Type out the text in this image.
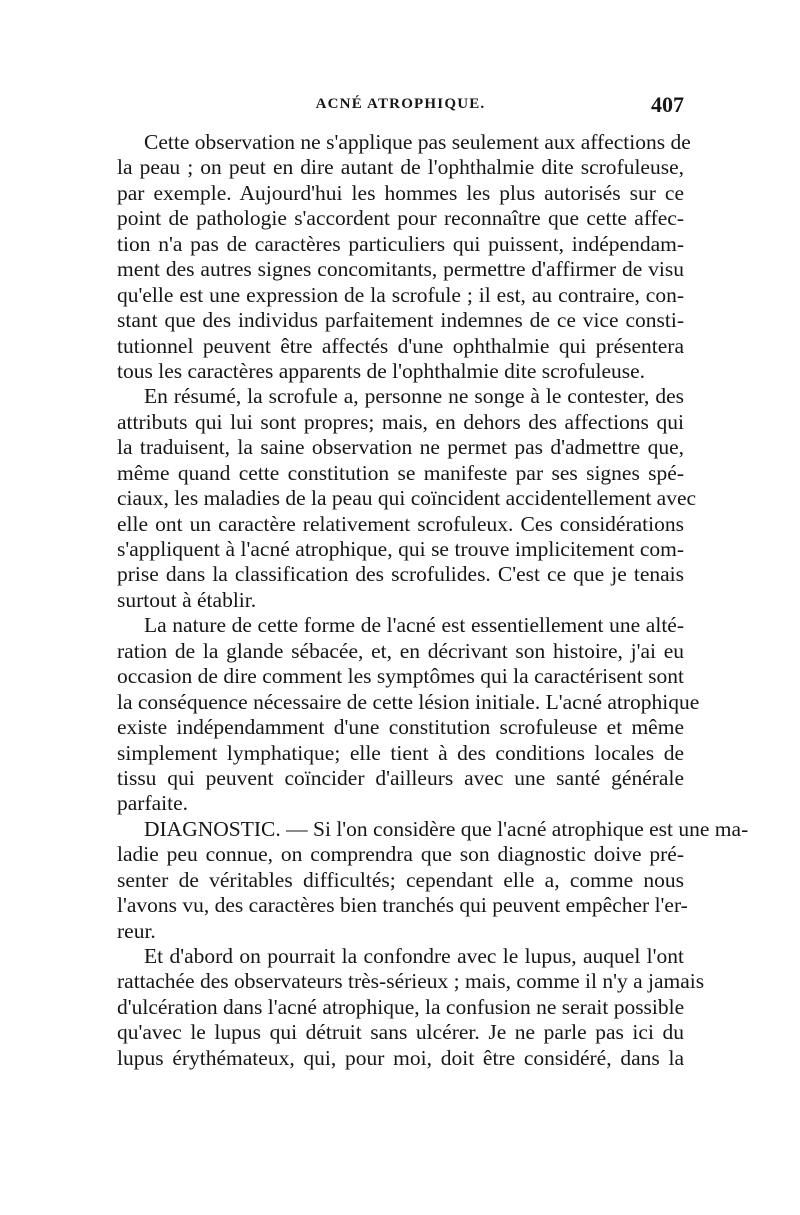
ACNÉ ATROPHIQUE.	407
Cette observation ne s'applique pas seulement aux affections de
la peau ; on peut en dire autant de l'ophthalmie dite scrofuleuse,
par exemple. Aujourd'hui les hommes les plus autorisés sur ce
point de pathologie s'accordent pour reconnaître que cette affec-
tion n'a pas de caractères particuliers qui puissent, indépendam-
ment des autres signes concomitants, permettre d'affirmer de visu
qu'elle est une expression de la scrofule ; il est, au contraire, con-
stant que des individus parfaitement indemnes de ce vice consti-
tutionnel peuvent être affectés d'une ophthalmie qui présentera
tous les caractères apparents de l'ophthalmie dite scrofuleuse.
En résumé, la scrofule a, personne ne songe à le contester, des
attributs qui lui sont propres; mais, en dehors des affections qui
la traduisent, la saine observation ne permet pas d'admettre que,
même quand cette constitution se manifeste par ses signes spé-
ciaux, les maladies de la peau qui coïncident accidentellement avec
elle ont un caractère relativement scrofuleux. Ces considérations
s'appliquent à l'acné atrophique, qui se trouve implicitement com-
prise dans la classification des scrofulides. C'est ce que je tenais
surtout à établir.
La nature de cette forme de l'acné est essentiellement une alté-
ration de la glande sébacée, et, en décrivant son histoire, j'ai eu
occasion de dire comment les symptômes qui la caractérisent sont
la conséquence nécessaire de cette lésion initiale. L'acné atrophique
existe indépendamment d'une constitution scrofuleuse et même
simplement lymphatique; elle tient à des conditions locales de
tissu qui peuvent coïncider d'ailleurs avec une santé générale
parfaite.
DIAGNOSTIC. — Si l'on considère que l'acné atrophique est une ma-
ladie peu connue, on comprendra que son diagnostic doive pré-
senter de véritables difficultés; cependant elle a, comme nous
l'avons vu, des caractères bien tranchés qui peuvent empêcher l'er-
reur.
Et d'abord on pourrait la confondre avec le lupus, auquel l'ont
rattachée des observateurs très-sérieux ; mais, comme il n'y a jamais
d'ulcération dans l'acné atrophique, la confusion ne serait possible
qu'avec le lupus qui détruit sans ulcérer. Je ne parle pas ici du
lupus érythémateux, qui, pour moi, doit être considéré, dans la
